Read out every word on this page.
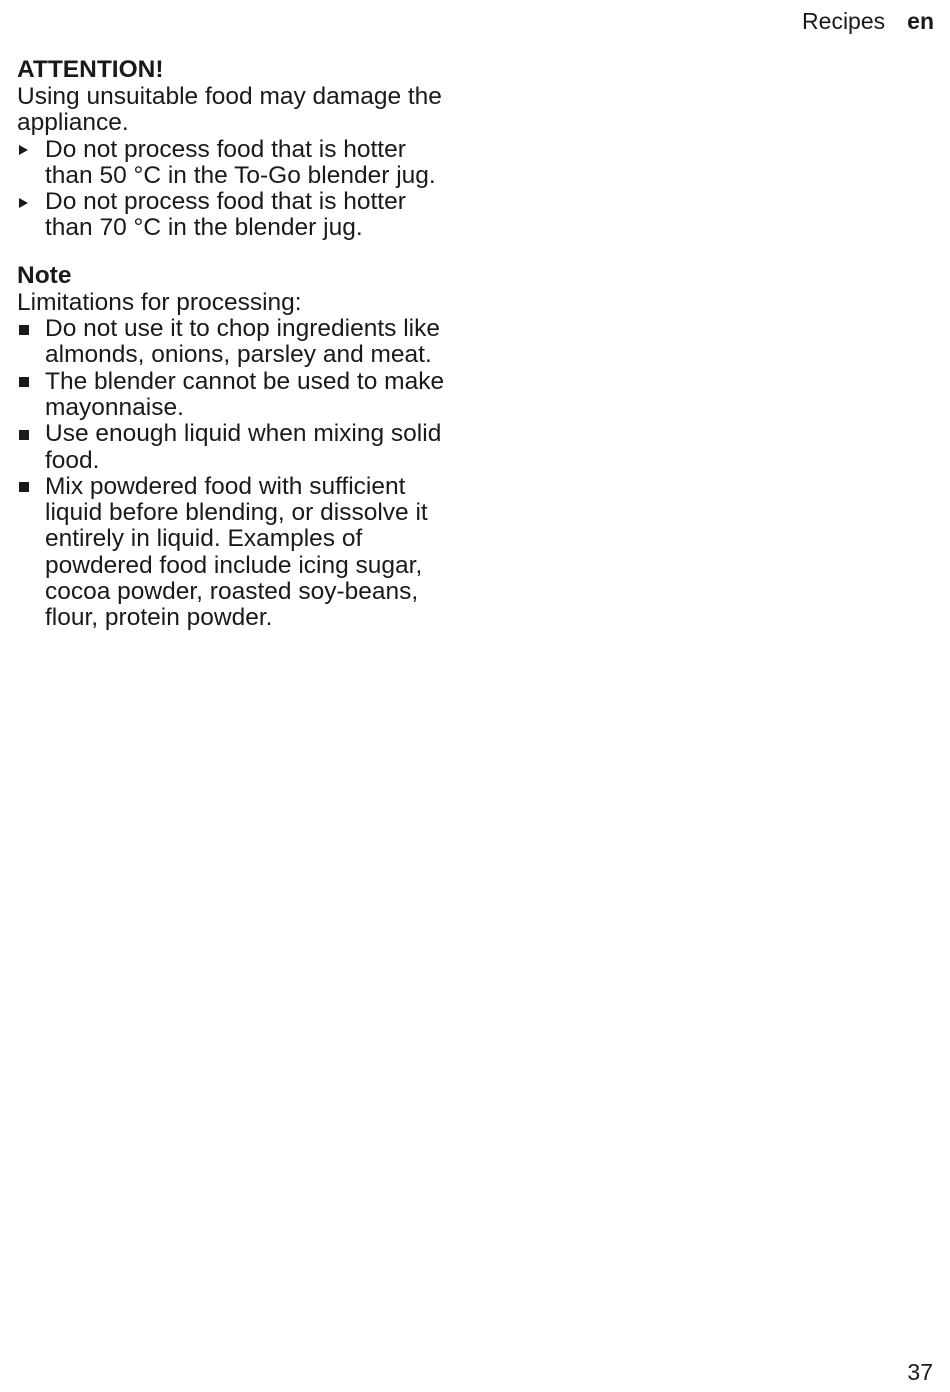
Recipes en
ATTENTION!

Using unsuitable food may damage the appliance.

Do not process food that is hotter than 50 °C in the To-Go blender jug.
Do not process food that is hotter than 70 °C in the blender jug.
Note

Limitations for processing:

Do not use it to chop ingredients like almonds, onions, parsley and meat.
The blender cannot be used to make mayonnaise.
Use enough liquid when mixing solid food.
Mix powdered food with sufficient liquid before blending, or dissolve it entirely in liquid. Examples of powdered food include icing sugar, cocoa powder, roasted soy-beans, flour, protein powder.
37
